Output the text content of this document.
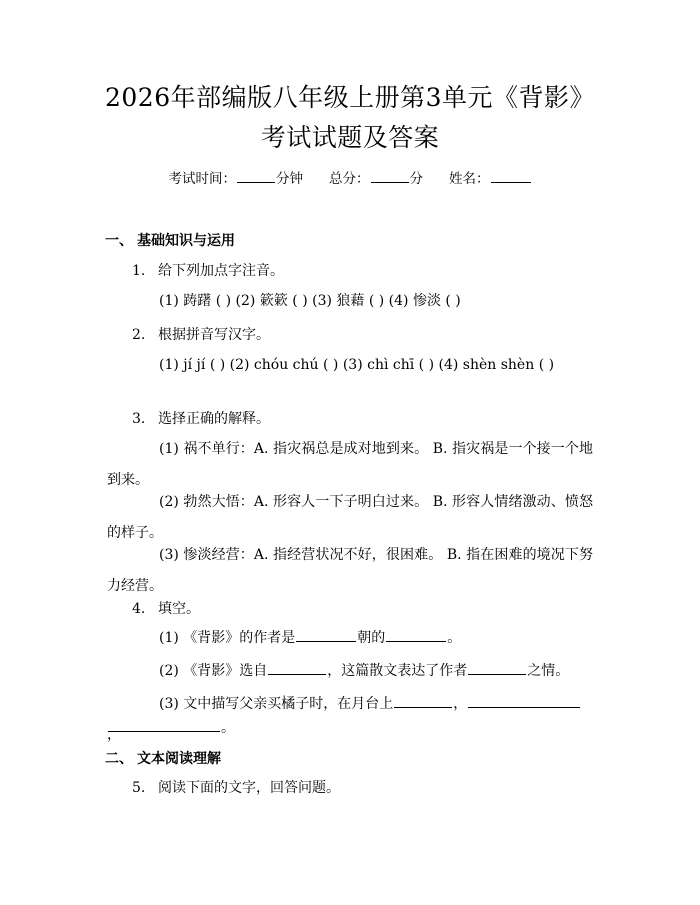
2026年部编版八年级上册第3单元《背影》
考试试题及答案
考试时间：	分钟 总分：	分 姓名：
一、 基础知识与运用
1. 给下列加点字注音。
(1) 踌躇 ( ) (2) 簌簌 ( ) (3) 狼藉 ( ) (4) 惨淡 ( )
2. 根据拼音写汉字。
(1) jí jí ( ) (2) chóu chú ( ) (3) chì chī ( ) (4) shèn shèn ( )
3. 选择正确的解释。
(1) 祸不单行：A. 指灾祸总是成对地到来。 B. 指灾祸是一个接一个地到来。
(2) 勃然大悟：A. 形容人一下子明白过来。 B. 形容人情绪激动、愤怒的样子。
(3) 惨淡经营：A. 指经营状况不好，很困难。 B. 指在困难的境况下努力经营。
4. 填空。
(1) 《背影》的作者是	朝的	。
(2) 《背影》选自	，这篇散文表达了作者	之情。
(3) 文中描写父亲买橘子时，在月台上	，，	。
二、 文本阅读理解
5. 阅读下面的文字，回答问题。
